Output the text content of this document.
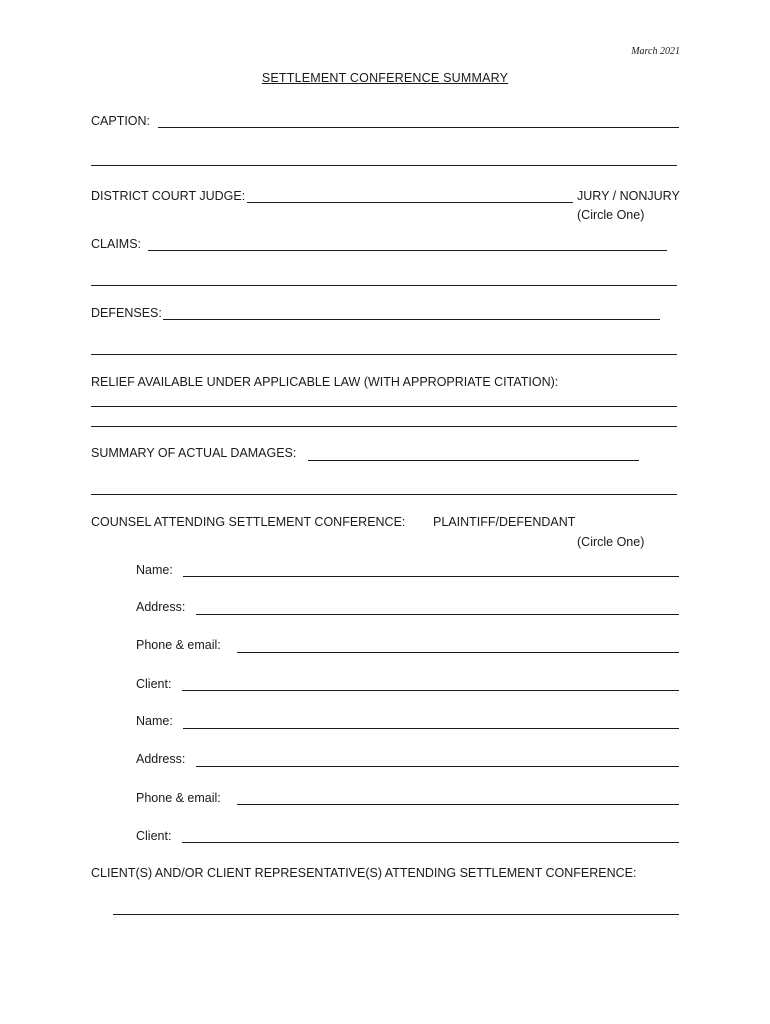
March 2021
SETTLEMENT CONFERENCE SUMMARY
CAPTION:
DISTRICT COURT JUDGE:	JURY / NONJURY
(Circle One)
CLAIMS:
DEFENSES:
RELIEF AVAILABLE UNDER APPLICABLE LAW (WITH APPROPRIATE CITATION):
SUMMARY OF ACTUAL DAMAGES:
COUNSEL ATTENDING SETTLEMENT CONFERENCE: PLAINTIFF/DEFENDANT
(Circle One)
Name:
Address:
Phone & email:
Client:
Name:
Address:
Phone & email:
Client:
CLIENT(S) AND/OR CLIENT REPRESENTATIVE(S) ATTENDING SETTLEMENT CONFERENCE:
